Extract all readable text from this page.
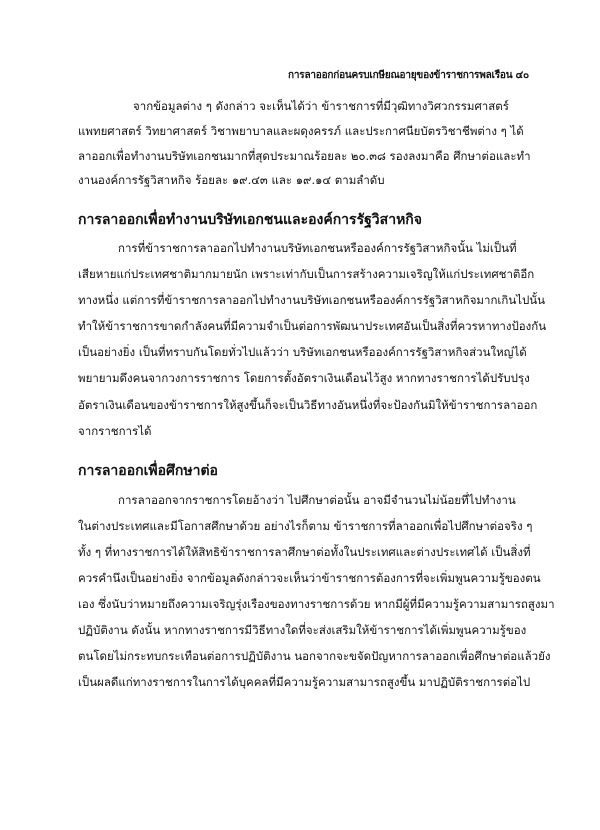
การลาออกก่อนครบเกษียณอายุของข้าราชการพลเรือน ๔๐
จากข้อมูลต่าง ๆ ดังกล่าว จะเห็นได้ว่า ข้าราชการที่มีวุฒิทางวิศวกรรมศาสตร์
แพทยศาสตร์ วิทยาศาสตร์ วิชาพยาบาลและผดุงครรภ์ และประกาศนียบัตรวิชาชีพต่าง ๆ ได้
ลาออกเพื่อทำงานบริษัทเอกชนมากที่สุดประมาณร้อยละ ๒๐.๓๘ รองลงมาคือ ศึกษาต่อและทำ
งานองค์การรัฐวิสาหกิจ ร้อยละ ๑๙.๔๓ และ ๑๙.๑๔ ตามลำดับ
การลาออกเพื่อทำงานบริษัทเอกชนและองค์การรัฐวิสาหกิจ
การที่ข้าราชการลาออกไปทำงานบริษัทเอกชนหรือองค์การรัฐวิสาหกิจนั้น ไม่เป็นที่
เสียหายแก่ประเทศชาติมากมายนัก เพราะเท่ากับเป็นการสร้างความเจริญให้แก่ประเทศชาติอีก
ทางหนึ่ง แต่การที่ข้าราชการลาออกไปทำงานบริษัทเอกชนหรือองค์การรัฐวิสาหกิจมากเกินไปนั้น
ทำให้ข้าราชการขาดกำลังคนที่มีความจำเป็นต่อการพัฒนาประเทศอันเป็นสิ่งที่ควรหาทางป้องกัน
เป็นอย่างยิ่ง เป็นที่ทราบกันโดยทั่วไปแล้วว่า บริษัทเอกชนหรือองค์การรัฐวิสาหกิจส่วนใหญ่ได้
พยายามดึงคนจากวงการราชการ โดยการตั้งอัตราเงินเดือนไว้สูง หากทางราชการได้ปรับปรุง
อัตราเงินเดือนของข้าราชการให้สูงขึ้นก็จะเป็นวิธีทางอันหนึ่งที่จะป้องกันมิให้ข้าราชการลาออก
จากราชการได้
การลาออกเพื่อศึกษาต่อ
การลาออกจากราชการโดยอ้างว่า ไปศึกษาต่อนั้น อาจมีจำนวนไม่น้อยที่ไปทำงาน
ในต่างประเทศและมีโอกาสศึกษาด้วย อย่างไรก็ตาม ข้าราชการที่ลาออกเพื่อไปศึกษาต่อจริง ๆ
ทั้ง ๆ ที่ทางราชการได้ให้สิทธิข้าราชการลาศึกษาต่อทั้งในประเทศและต่างประเทศได้ เป็นสิ่งที่
ควรคำนึงเป็นอย่างยิ่ง จากข้อมูลดังกล่าวจะเห็นว่าข้าราชการต้องการที่จะเพิ่มพูนความรู้ของตน
เอง ซึ่งนับว่าหมายถึงความเจริญรุ่งเรืองของทางราชการด้วย หากมีผู้ที่มีความรู้ความสามารถสูงมา
ปฏิบัติงาน ดังนั้น หากทางราชการมีวิธีทางใดที่จะส่งเสริมให้ข้าราชการได้เพิ่มพูนความรู้ของ
ตนโดยไม่กระทบกระเทือนต่อการปฏิบัติงาน นอกจากจะขจัดปัญหาการลาออกเพื่อศึกษาต่อแล้วยัง
เป็นผลดีแก่ทางราชการในการได้บุคคลที่มีความรู้ความสามารถสูงขึ้น มาปฏิบัติราชการต่อไป
